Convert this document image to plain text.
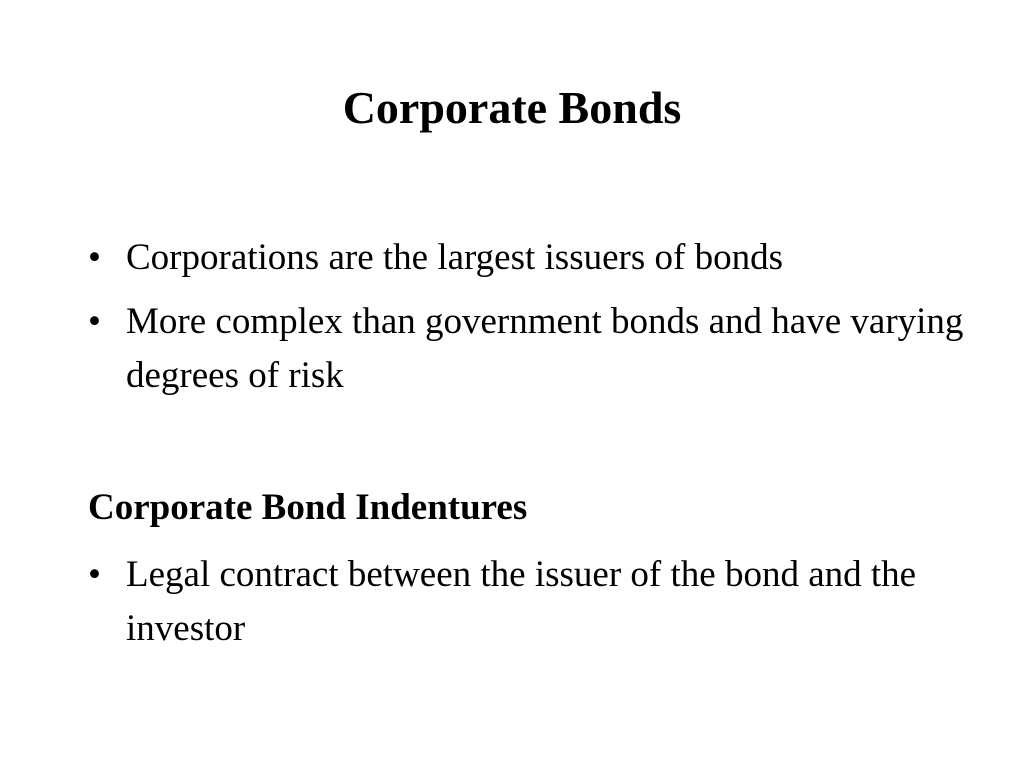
Corporate Bonds
• Corporations are the largest issuers of bonds
• More complex than government bonds and have varying degrees of risk
Corporate Bond Indentures
• Legal contract between the issuer of the bond and the investor
